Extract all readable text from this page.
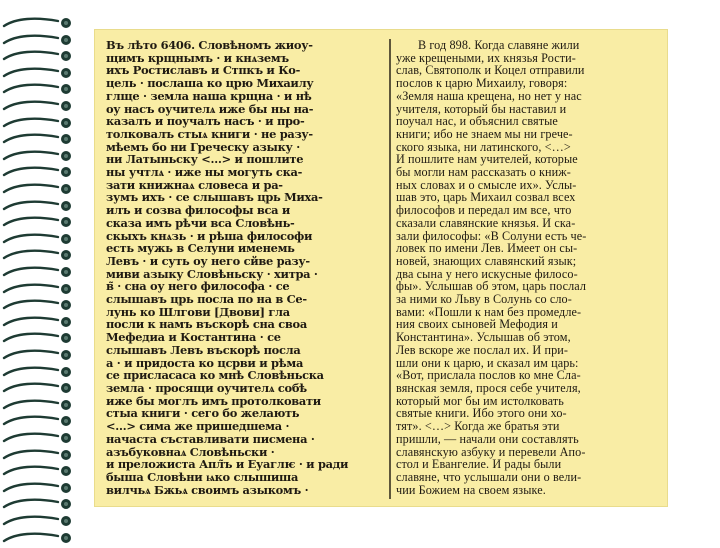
Въ лѣто 6406. Словѣномъ жиоу-
щимъ крщнымъ · и кнѧземъ
ихъ Ростиславъ и Стпкъ и Ко-
цель · послаша ко црю Михаилу
глще · земла наша крщна · и нѣ
оу насъ оучителѧ иже бы ны на-
казалъ и поучалъ насъ · и про-
толковалъ стыѧ книги · не разу-
мѣемъ бо ни Греческу азыку ·
ни Латыньску <…> и пошлите
ны учтлѧ · иже ны могуть ска-
зати книжнаѧ словеса и ра-
зумъ ихъ · се слышавъ црь Миха-
илъ и созва философы вса и
сказа имъ рѣчи вса Словѣнь-
скыхъ кнѧзь · и рѣша философи
есть мужь в Селуни именемь
Левъ · и суть оу него сйве разу-
миви азыку Словѣньску · хитра ·
в̃ · сна оу него философа · се
слышавъ црь посла по на в Се-
лунь ко Шлгови [Двови] гла
посли к намъ въскорѣ сна своа
Мефедиа и Костантина · се
слышавъ Левъ въскорѣ посла
a · и придоста ко цсрви и рѣма
се присласаса ко мнѣ Словѣньска
земла · просящи оучителѧ собѣ
иже бы моглъ имъ протолковати
стыа книги · сего бо желають
<…> сима же пришедшема ·
начаста съставливати писмена ·
азъбуковнаѧ Словѣньски ·
и преложиста Апл̃ъ и Еуаглѥ · и ради
быша Словѣни ѩко слышиша
вилчьѧ Бжьѧ своимъ азыкомъ ·
В год 898. Когда славяне жили
уже крещеными, их князья Рости-
слав, Святополк и Коцел отправили
послов к царю Михаилу, говоря:
«Земля наша крещена, но нет у нас
учителя, который бы наставил и
поучал нас, и объяснил святые
книги; ибо не знаем мы ни грече-
ского языка, ни латинского, <…>
И пошлите нам учителей, которые
бы могли нам рассказать о книж-
ных словах и о смысле их». Услы-
шав это, царь Михаил созвал всех
философов и передал им все, что
сказали славянские князья. И ска-
зали философы: «В Солуни есть че-
ловек по имени Лев. Имеет он сы-
новей, знающих славянский язык;
два сына у него искусные филосо-
фы». Услышав об этом, царь послал
за ними ко Льву в Солунь со сло-
вами: «Пошли к нам без промедле-
ния своих сыновей Мефодия и
Константина». Услышав об этом,
Лев вскоре же послал их. И при-
шли они к царю, и сказал им царь:
«Вот, прислала послов ко мне Сла-
вянская земля, прося себе учителя,
который мог бы им истолковать
святые книги. Ибо этого они хо-
тят». <…> Когда же братья эти
пришли, — начали они составлять
славянскую азбуку и перевели Апо-
стол и Евангелие. И рады были
славяне, что услышали они о вели-
чии Божием на своем языке.
